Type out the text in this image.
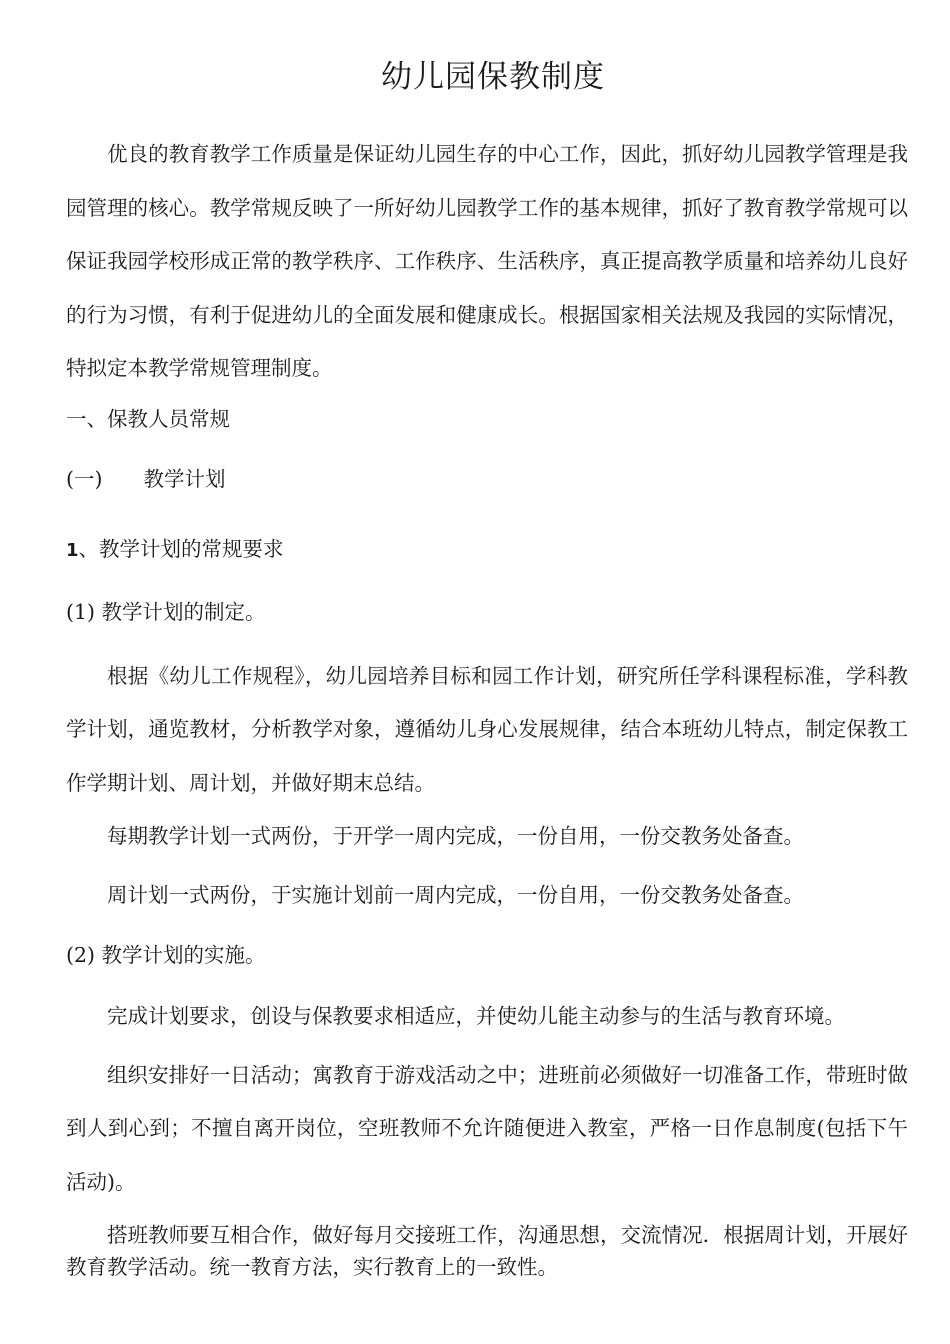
幼儿园保教制度

优良的教育教学工作质量是保证幼儿园生存的中心工作，因此，抓好幼儿园教学管理是我园管理的核心。教学常规反映了一所好幼儿园教学工作的基本规律，抓好了教育教学常规可以保证我园学校形成正常的教学秩序、工作秩序、生活秩序，真正提高教学质量和培养幼儿良好的行为习惯，有利于促进幼儿的全面发展和健康成长。根据国家相关法规及我园的实际情况，特拟定本教学常规管理制度。

一、保教人员常规

(一)　　教学计划

1、教学计划的常规要求

(1) 教学计划的制定。

根据《幼儿工作规程》，幼儿园培养目标和园工作计划，研究所任学科课程标准，学科教学计划，通览教材，分析教学对象，遵循幼儿身心发展规律，结合本班幼儿特点，制定保教工作学期计划、周计划，并做好期末总结。

每期教学计划一式两份，于开学一周内完成，一份自用，一份交教务处备查。

周计划一式两份，于实施计划前一周内完成，一份自用，一份交教务处备查。

(2) 教学计划的实施。

完成计划要求，创设与保教要求相适应，并使幼儿能主动参与的生活与教育环境。

组织安排好一日活动；寓教育于游戏活动之中；进班前必须做好一切准备工作，带班时做到人到心到；不擅自离开岗位，空班教师不允许随便进入教室，严格一日作息制度(包括下午活动)。

搭班教师要互相合作，做好每月交接班工作，沟通思想，交流情况．根据周计划，开展好教育教学活动。统一教育方法，实行教育上的一致性。
